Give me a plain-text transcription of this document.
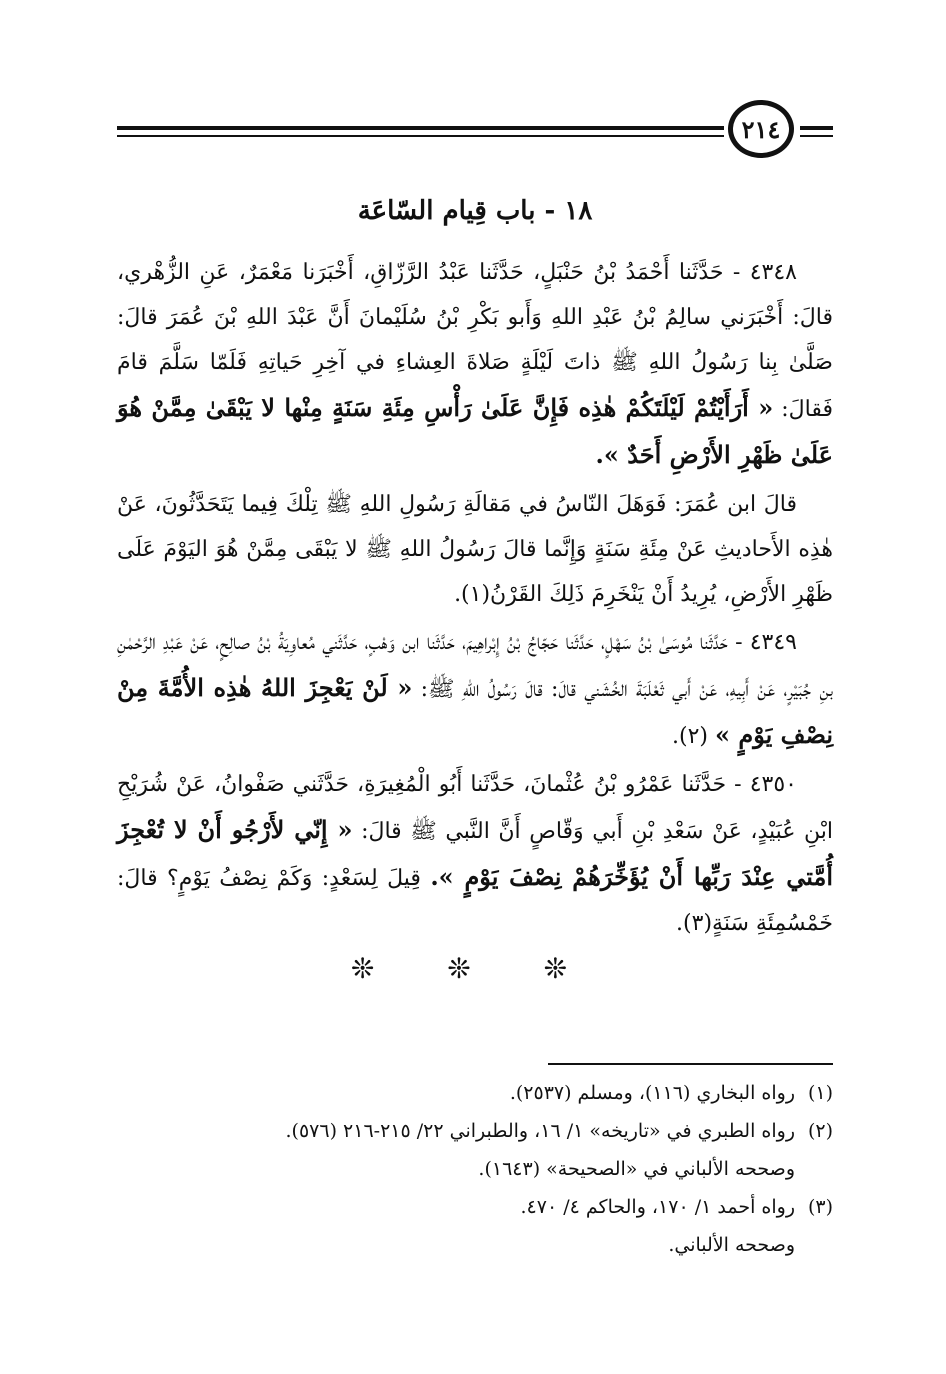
٢١٤
١٨ - باب قِيام السّاعَة

٤٣٤٨ - حَدَّثَنا أَحْمَدُ بْنُ حَنْبَلٍ، حَدَّثَنا عَبْدُ الرَّزّاقِ، أَخْبَرَنا مَعْمَرٌ، عَنِ الزُّهْري، قالَ: أَخْبَرَني سالِمُ بْنُ عَبْدِ اللهِ وَأَبو بَكْرِ بْنُ سُلَيْمانَ أَنَّ عَبْدَ اللهِ بْنَ عُمَرَ قالَ: صَلَّىٰ بِنا رَسُولُ اللهِ ﷺ ذاتَ لَيْلَةٍ صَلاةَ العِشاءِ في آخِرِ حَياتِهِ فَلَمّا سَلَّمَ قامَ فَقالَ: « أَرَأَيْتُمْ لَيْلَتَكُمْ هٰذِه فَإِنَّ عَلَىٰ رَأْسِ مِئَةِ سَنَةٍ مِنْها لا يَبْقَىٰ مِمَّنْ هُوَ عَلَىٰ ظَهْرِ الأَرْضِ أَحَدٌ ».

قالَ ابن عُمَرَ: فَوَهَلَ النّاسُ في مَقالَةِ رَسُولِ اللهِ ﷺ تِلْكَ فِيما يَتَحَدَّثُونَ، عَنْ هٰذِه الأَحاديثِ عَنْ مِئَةِ سَنَةٍ وَإِنَّما قالَ رَسُولُ اللهِ ﷺ لا يَبْقَى مِمَّنْ هُوَ اليَوْمَ عَلَى ظَهْرِ الأَرْضِ، يُرِيدُ أَنْ يَنْخَرِمَ ذَلِكَ القَرْنُ(١).

٤٣٤٩ - حَدَّثَنا مُوسَىٰ بْنُ سَهْلٍ، حَدَّثَنا حَجّاجُ بْنُ إِبْراهِيمَ، حَدَّثَنا ابن وَهْبٍ، حَدَّثَني مُعاوِيَةُ بْنُ صالِحٍ، عَنْ عَبْدِ الرَّحْمٰنِ بنِ جُبَيْرٍ، عَنْ أَبِيهِ، عَنْ أَبي ثَعْلَبَةَ الخُشَني قالَ: قالَ رَسُولُ اللهِ ﷺ: « لَنْ يَعْجِزَ اللهُ هٰذِه الأُمَّةَ مِنْ نِصْفِ يَوْمٍ » (٢).

٤٣٥٠ - حَدَّثَنا عَمْرُو بْنُ عُثْمانَ، حَدَّثَنا أَبُو الْمُغِيرَةِ، حَدَّثَني صَفْوانُ، عَنْ شُرَيْحِ ابْنِ عُبَيْدٍ، عَنْ سَعْدِ بْنِ أَبي وَقّاصٍ أَنَّ النَّبي ﷺ قالَ: « إِنّي لأَرْجُو أَنْ لا تُعْجِزَ أُمَّتي عِنْدَ رَبِّها أَنْ يُؤَخِّرَهُمْ نِصْفَ يَوْمٍ ». قِيلَ لِسَعْدٍ: وَكَمْ نِصْفُ يَوْمٍ؟ قالَ: خَمْسُمِئَةِ سَنَةٍ(٣).

❊ ❊ ❊

(١)رواه البخاري (١١٦)، ومسلم (٢٥٣٧).

(٢)رواه الطبري في «تاريخه» ١/ ١٦، والطبراني ٢٢/ ٢١٥-٢١٦ (٥٧٦).

وصححه الألباني في «الصحيحة» (١٦٤٣).

(٣)رواه أحمد ١/ ١٧٠، والحاكم ٤/ ٤٧٠.

وصححه الألباني.
